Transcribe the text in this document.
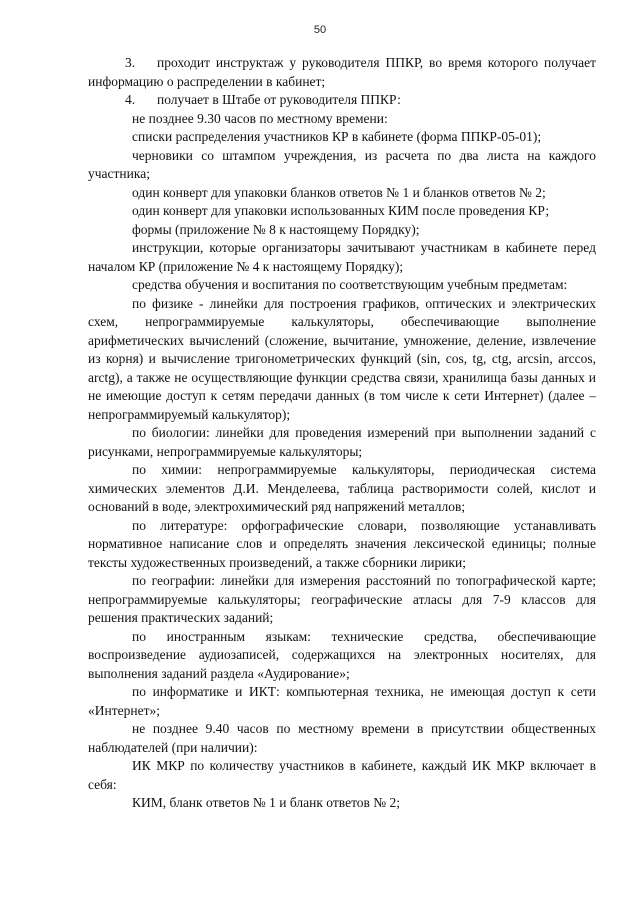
50

3. проходит инструктаж у руководителя ППКР, во время которого получает информацию о распределении в кабинет;

4. получает в Штабе от руководителя ППКР:

не позднее 9.30 часов по местному времени:

списки распределения участников КР в кабинете (форма ППКР-05-01);

черновики со штампом учреждения, из расчета по два листа на каждого участника;

один конверт для упаковки бланков ответов № 1 и бланков ответов № 2;

один конверт для упаковки использованных КИМ после проведения КР;

формы (приложение № 8 к настоящему Порядку);

инструкции, которые организаторы зачитывают участникам в кабинете перед началом КР (приложение № 4 к настоящему Порядку);

средства обучения и воспитания по соответствующим учебным предметам:

по физике - линейки для построения графиков, оптических и электрических схем, непрограммируемые калькуляторы, обеспечивающие выполнение арифметических вычислений (сложение, вычитание, умножение, деление, извлечение из корня) и вычисление тригонометрических функций (sin, cos, tg, ctg, arcsin, arccos, arctg), а также не осуществляющие функции средства связи, хранилища базы данных и не имеющие доступ к сетям передачи данных (в том числе к сети Интернет) (далее – непрограммируемый калькулятор);

по биологии: линейки для проведения измерений при выполнении заданий с рисунками, непрограммируемые калькуляторы;

по химии: непрограммируемые калькуляторы, периодическая система химических элементов Д.И. Менделеева, таблица растворимости солей, кислот и оснований в воде, электрохимический ряд напряжений металлов;

по литературе: орфографические словари, позволяющие устанавливать нормативное написание слов и определять значения лексической единицы; полные тексты художественных произведений, а также сборники лирики;

по географии: линейки для измерения расстояний по топографической карте; непрограммируемые калькуляторы; географические атласы для 7-9 классов для решения практических заданий;

по иностранным языкам: технические средства, обеспечивающие воспроизведение аудиозаписей, содержащихся на электронных носителях, для выполнения заданий раздела «Аудирование»;

по информатике и ИКТ: компьютерная техника, не имеющая доступ к сети «Интернет»;

не позднее 9.40 часов по местному времени в присутствии общественных наблюдателей (при наличии):

ИК МКР по количеству участников в кабинете, каждый ИК МКР включает в себя:

КИМ, бланк ответов № 1 и бланк ответов № 2;
